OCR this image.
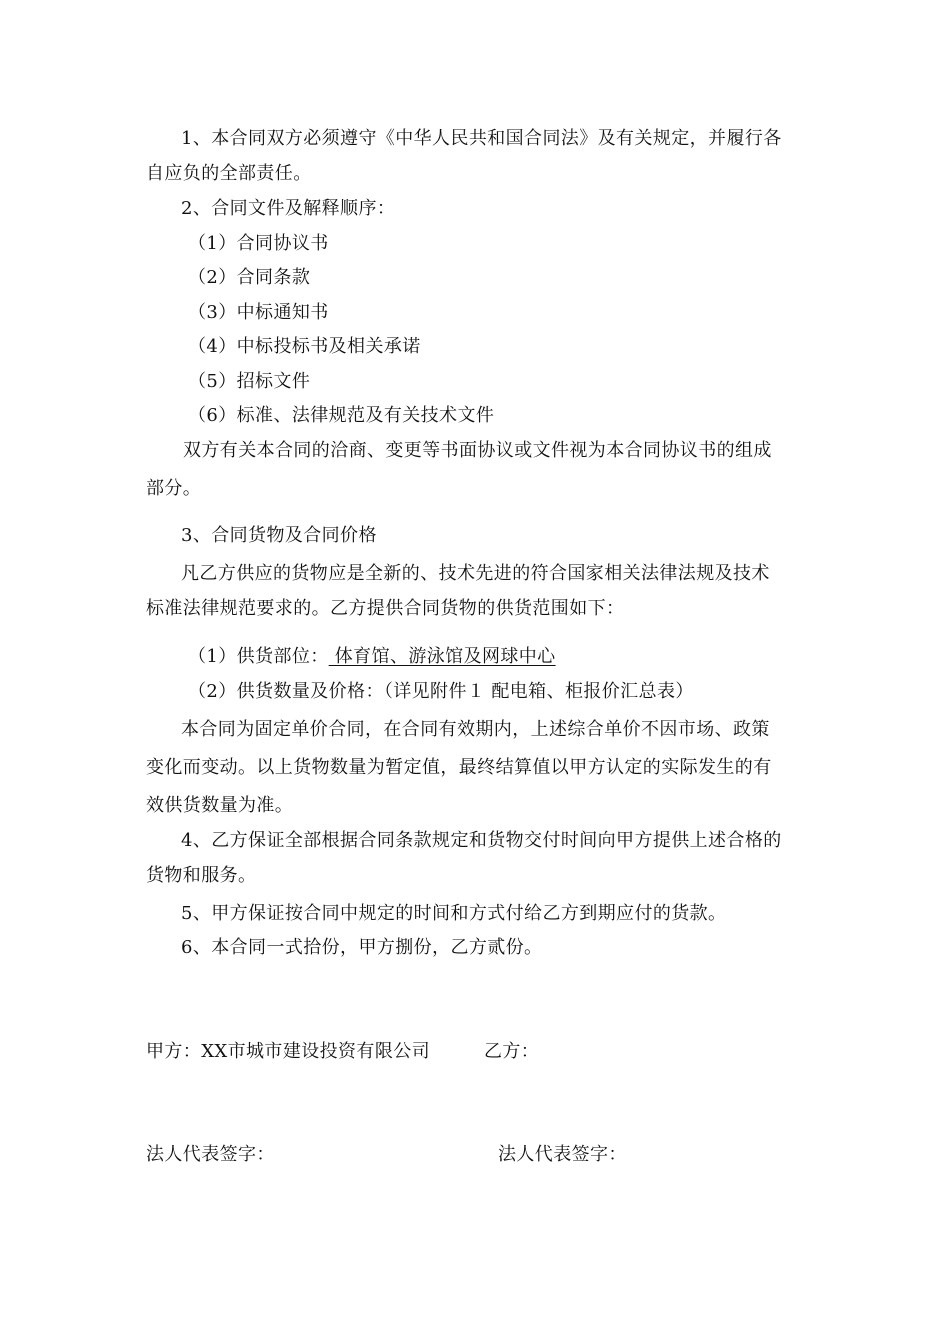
1、本合同双方必须遵守《中华人民共和国合同法》及有关规定，并履行各
自应负的全部责任。
2、合同文件及解释顺序：
（1）合同协议书
（2）合同条款
（3）中标通知书
（4）中标投标书及相关承诺
（5）招标文件
（6）标准、法律规范及有关技术文件
双方有关本合同的洽商、变更等书面协议或文件视为本合同协议书的组成
部分。
3、合同货物及合同价格
凡乙方供应的货物应是全新的、技术先进的符合国家相关法律法规及技术
标准法律规范要求的。乙方提供合同货物的供货范围如下：
（1）供货部位： 体育馆、游泳馆及网球中心
（2）供货数量及价格：（详见附件１ 配电箱、柜报价汇总表）
本合同为固定单价合同，在合同有效期内，上述综合单价不因市场、政策
变化而变动。以上货物数量为暂定值，最终结算值以甲方认定的实际发生的有
效供货数量为准。
4、乙方保证全部根据合同条款规定和货物交付时间向甲方提供上述合格的
货物和服务。
5、甲方保证按合同中规定的时间和方式付给乙方到期应付的货款。
6、本合同一式拾份，甲方捌份，乙方贰份。
甲方：XX市城市建设投资有限公司	乙方：
法人代表签字：	法人代表签字：
